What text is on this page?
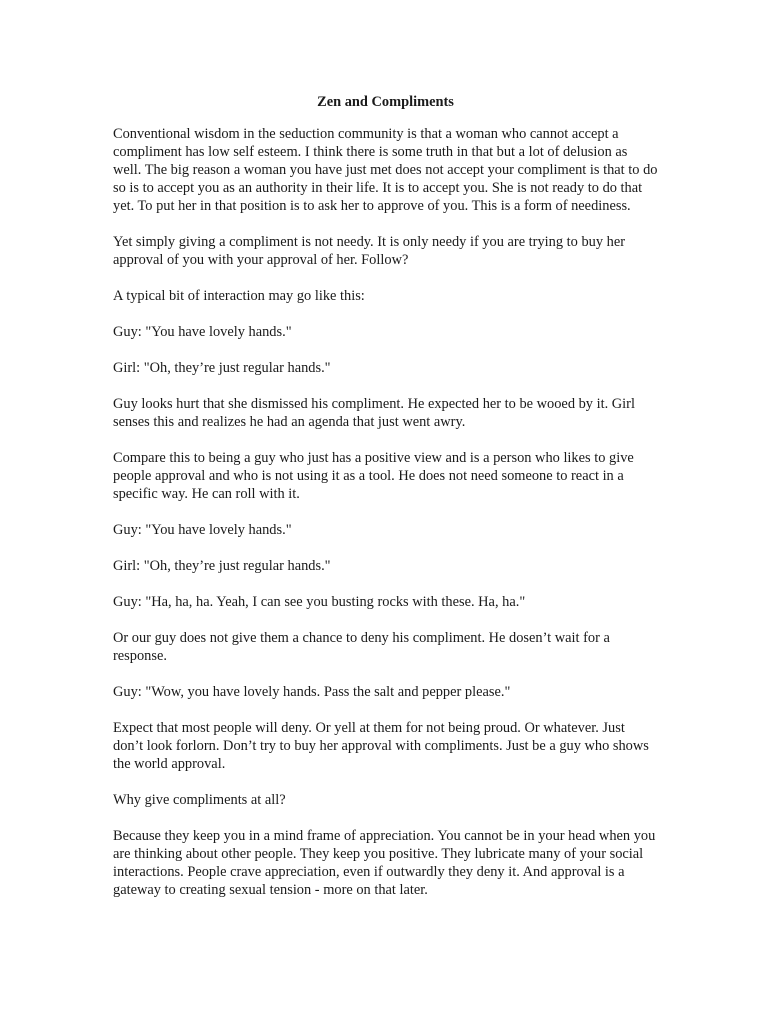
Zen and Compliments

Conventional wisdom in the seduction community is that a woman who cannot accept a compliment has low self esteem. I think there is some truth in that but a lot of delusion as well. The big reason a woman you have just met does not accept your compliment is that to do so is to accept you as an authority in their life. It is to accept you. She is not ready to do that yet. To put her in that position is to ask her to approve of you. This is a form of neediness.

Yet simply giving a compliment is not needy. It is only needy if you are trying to buy her approval of you with your approval of her. Follow?

A typical bit of interaction may go like this:

Guy: "You have lovely hands."

Girl: "Oh, they’re just regular hands."

Guy looks hurt that she dismissed his compliment. He expected her to be wooed by it. Girl senses this and realizes he had an agenda that just went awry.

Compare this to being a guy who just has a positive view and is a person who likes to give people approval and who is not using it as a tool. He does not need someone to react in a specific way. He can roll with it.

Guy: "You have lovely hands."

Girl: "Oh, they’re just regular hands."

Guy: "Ha, ha, ha. Yeah, I can see you busting rocks with these. Ha, ha."

Or our guy does not give them a chance to deny his compliment. He dosen’t wait for a response.

Guy: "Wow, you have lovely hands. Pass the salt and pepper please."

Expect that most people will deny. Or yell at them for not being proud. Or whatever. Just don’t look forlorn. Don’t try to buy her approval with compliments. Just be a guy who shows the world approval.

Why give compliments at all?

Because they keep you in a mind frame of appreciation. You cannot be in your head when you are thinking about other people. They keep you positive. They lubricate many of your social interactions. People crave appreciation, even if outwardly they deny it. And approval is a gateway to creating sexual tension - more on that later.
